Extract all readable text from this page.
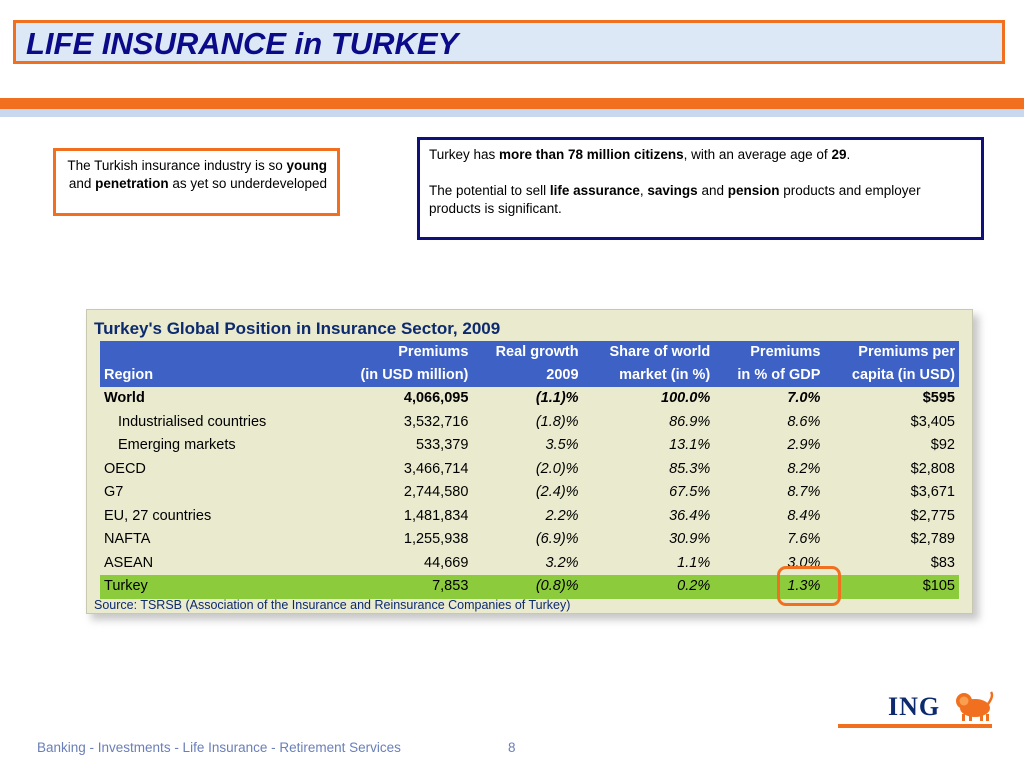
LIFE INSURANCE in TURKEY
The Turkish insurance industry is so young and penetration as yet so underdeveloped

Turkey has more than 78 million citizens, with an average age of 29.

The potential to sell life assurance, savings and pension products and employer products is significant.

Turkey's Global Position in Insurance Sector, 2009
	Premiums	Real growth	Share of world	Premiums	Premiums per
Region	(in USD million)	2009	market (in %)	in % of GDP	capita (in USD)
World	4,066,095	(1.1)%	100.0%	7.0%	$595
Industrialised countries	3,532,716	(1.8)%	86.9%	8.6%	$3,405
Emerging markets	533,379	3.5%	13.1%	2.9%	$92
OECD	3,466,714	(2.0)%	85.3%	8.2%	$2,808
G7	2,744,580	(2.4)%	67.5%	8.7%	$3,671
EU, 27 countries	1,481,834	2.2%	36.4%	8.4%	$2,775
NAFTA	1,255,938	(6.9)%	30.9%	7.6%	$2,789
ASEAN	44,669	3.2%	1.1%	3.0%	$83
Turkey	7,853	(0.8)%	0.2%	1.3%	$105
Source: TSRSB (Association of the Insurance and Reinsurance Companies of Turkey)
ING
Banking - Investments - Life Insurance - Retirement Services	8
